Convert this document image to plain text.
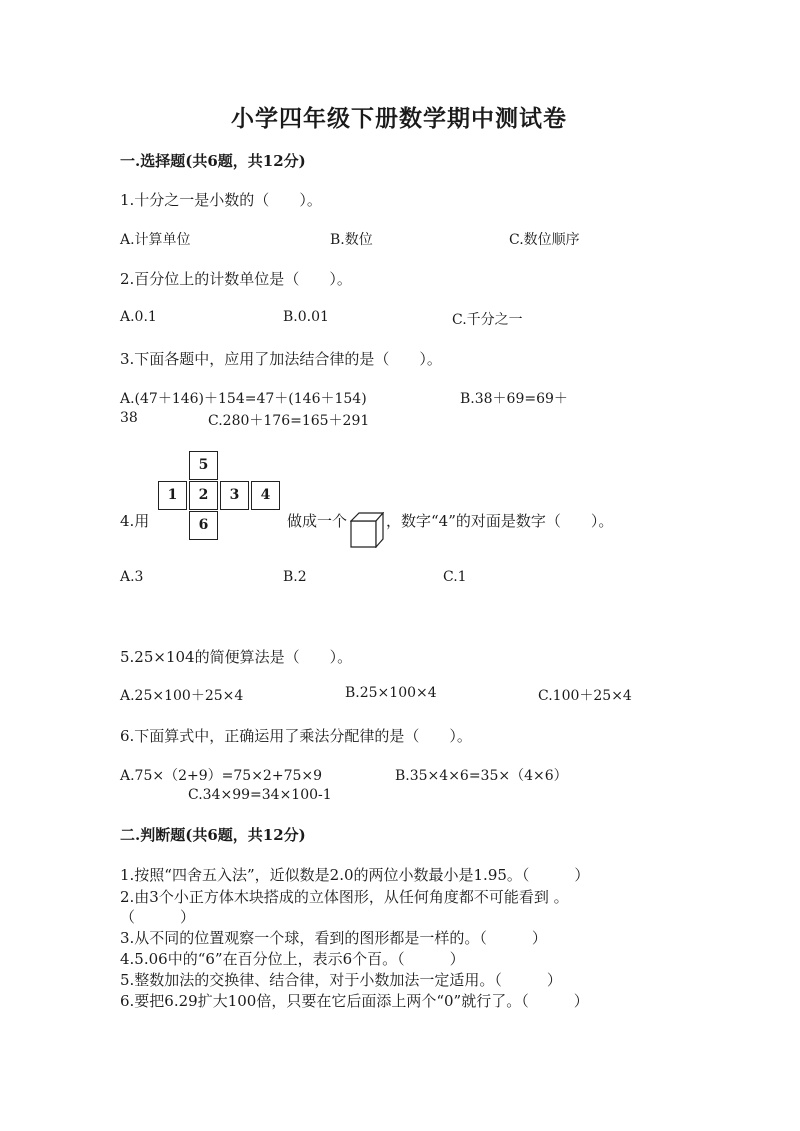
小学四年级下册数学期中测试卷
一.选择题(共6题，共12分)
1.十分之一是小数的（　　）。
A.计算单位	B.数位	C.数位顺序
2.百分位上的计数单位是（　　）。
A.0.1	B.0.01	C.千分之一
3.下面各题中，应用了加法结合律的是（　　）。
A.(47＋146)＋154=47＋(146＋154)	B.38＋69=69＋
38	C.280＋176=165＋291
5
1	2	3	4
6
4.用	做成一个	，数字“4”的对面是数字（　　）。
A.3	B.2	C.1
5.25×104的简便算法是（　　）。
A.25×100＋25×4	B.25×100×4	C.100＋25×4
6.下面算式中，正确运用了乘法分配律的是（　　）。
A.75×（2+9）=75×2+75×9	B.35×4×6=35×（4×6）
C.34×99=34×100-1
二.判断题(共6题，共12分)
1.按照“四舍五入法”，近似数是2.0的两位小数最小是1.95。（　　　）
2.由3个小正方体木块搭成的立体图形，从任何角度都不可能看到 。
（　　　）
3.从不同的位置观察一个球，看到的图形都是一样的。（　　　）
4.5.06中的“6”在百分位上，表示6个百。（　　　）
5.整数加法的交换律、结合律，对于小数加法一定适用。（　　　）
6.要把6.29扩大100倍，只要在它后面添上两个“0”就行了。（　　　）
